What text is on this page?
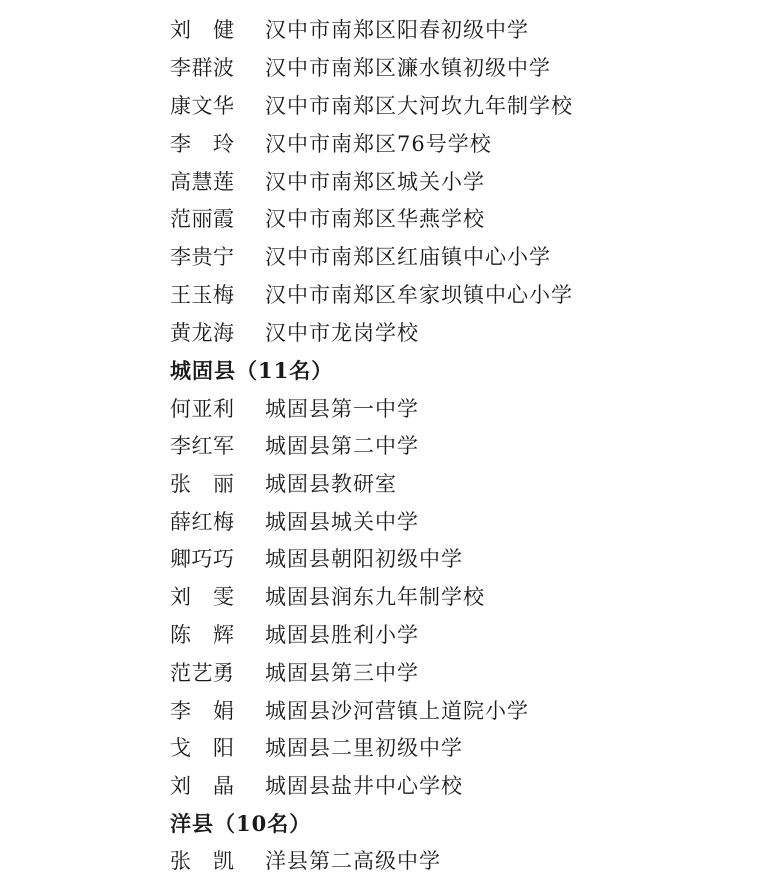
刘　健 汉中市南郑区阳春初级中学
李群波 汉中市南郑区濂水镇初级中学
康文华 汉中市南郑区大河坎九年制学校
李　玲 汉中市南郑区76号学校
高慧莲 汉中市南郑区城关小学
范丽霞 汉中市南郑区华燕学校
李贵宁 汉中市南郑区红庙镇中心小学
王玉梅 汉中市南郑区牟家坝镇中心小学
黄龙海 汉中市龙岗学校
城固县（11名）
何亚利 城固县第一中学
李红军 城固县第二中学
张　丽 城固县教研室
薛红梅 城固县城关中学
卿巧巧 城固县朝阳初级中学
刘　雯 城固县润东九年制学校
陈　辉 城固县胜利小学
范艺勇 城固县第三中学
李　娟 城固县沙河营镇上道院小学
戈　阳 城固县二里初级中学
刘　晶 城固县盐井中心学校
洋县（10名）
张　凯 洋县第二高级中学
